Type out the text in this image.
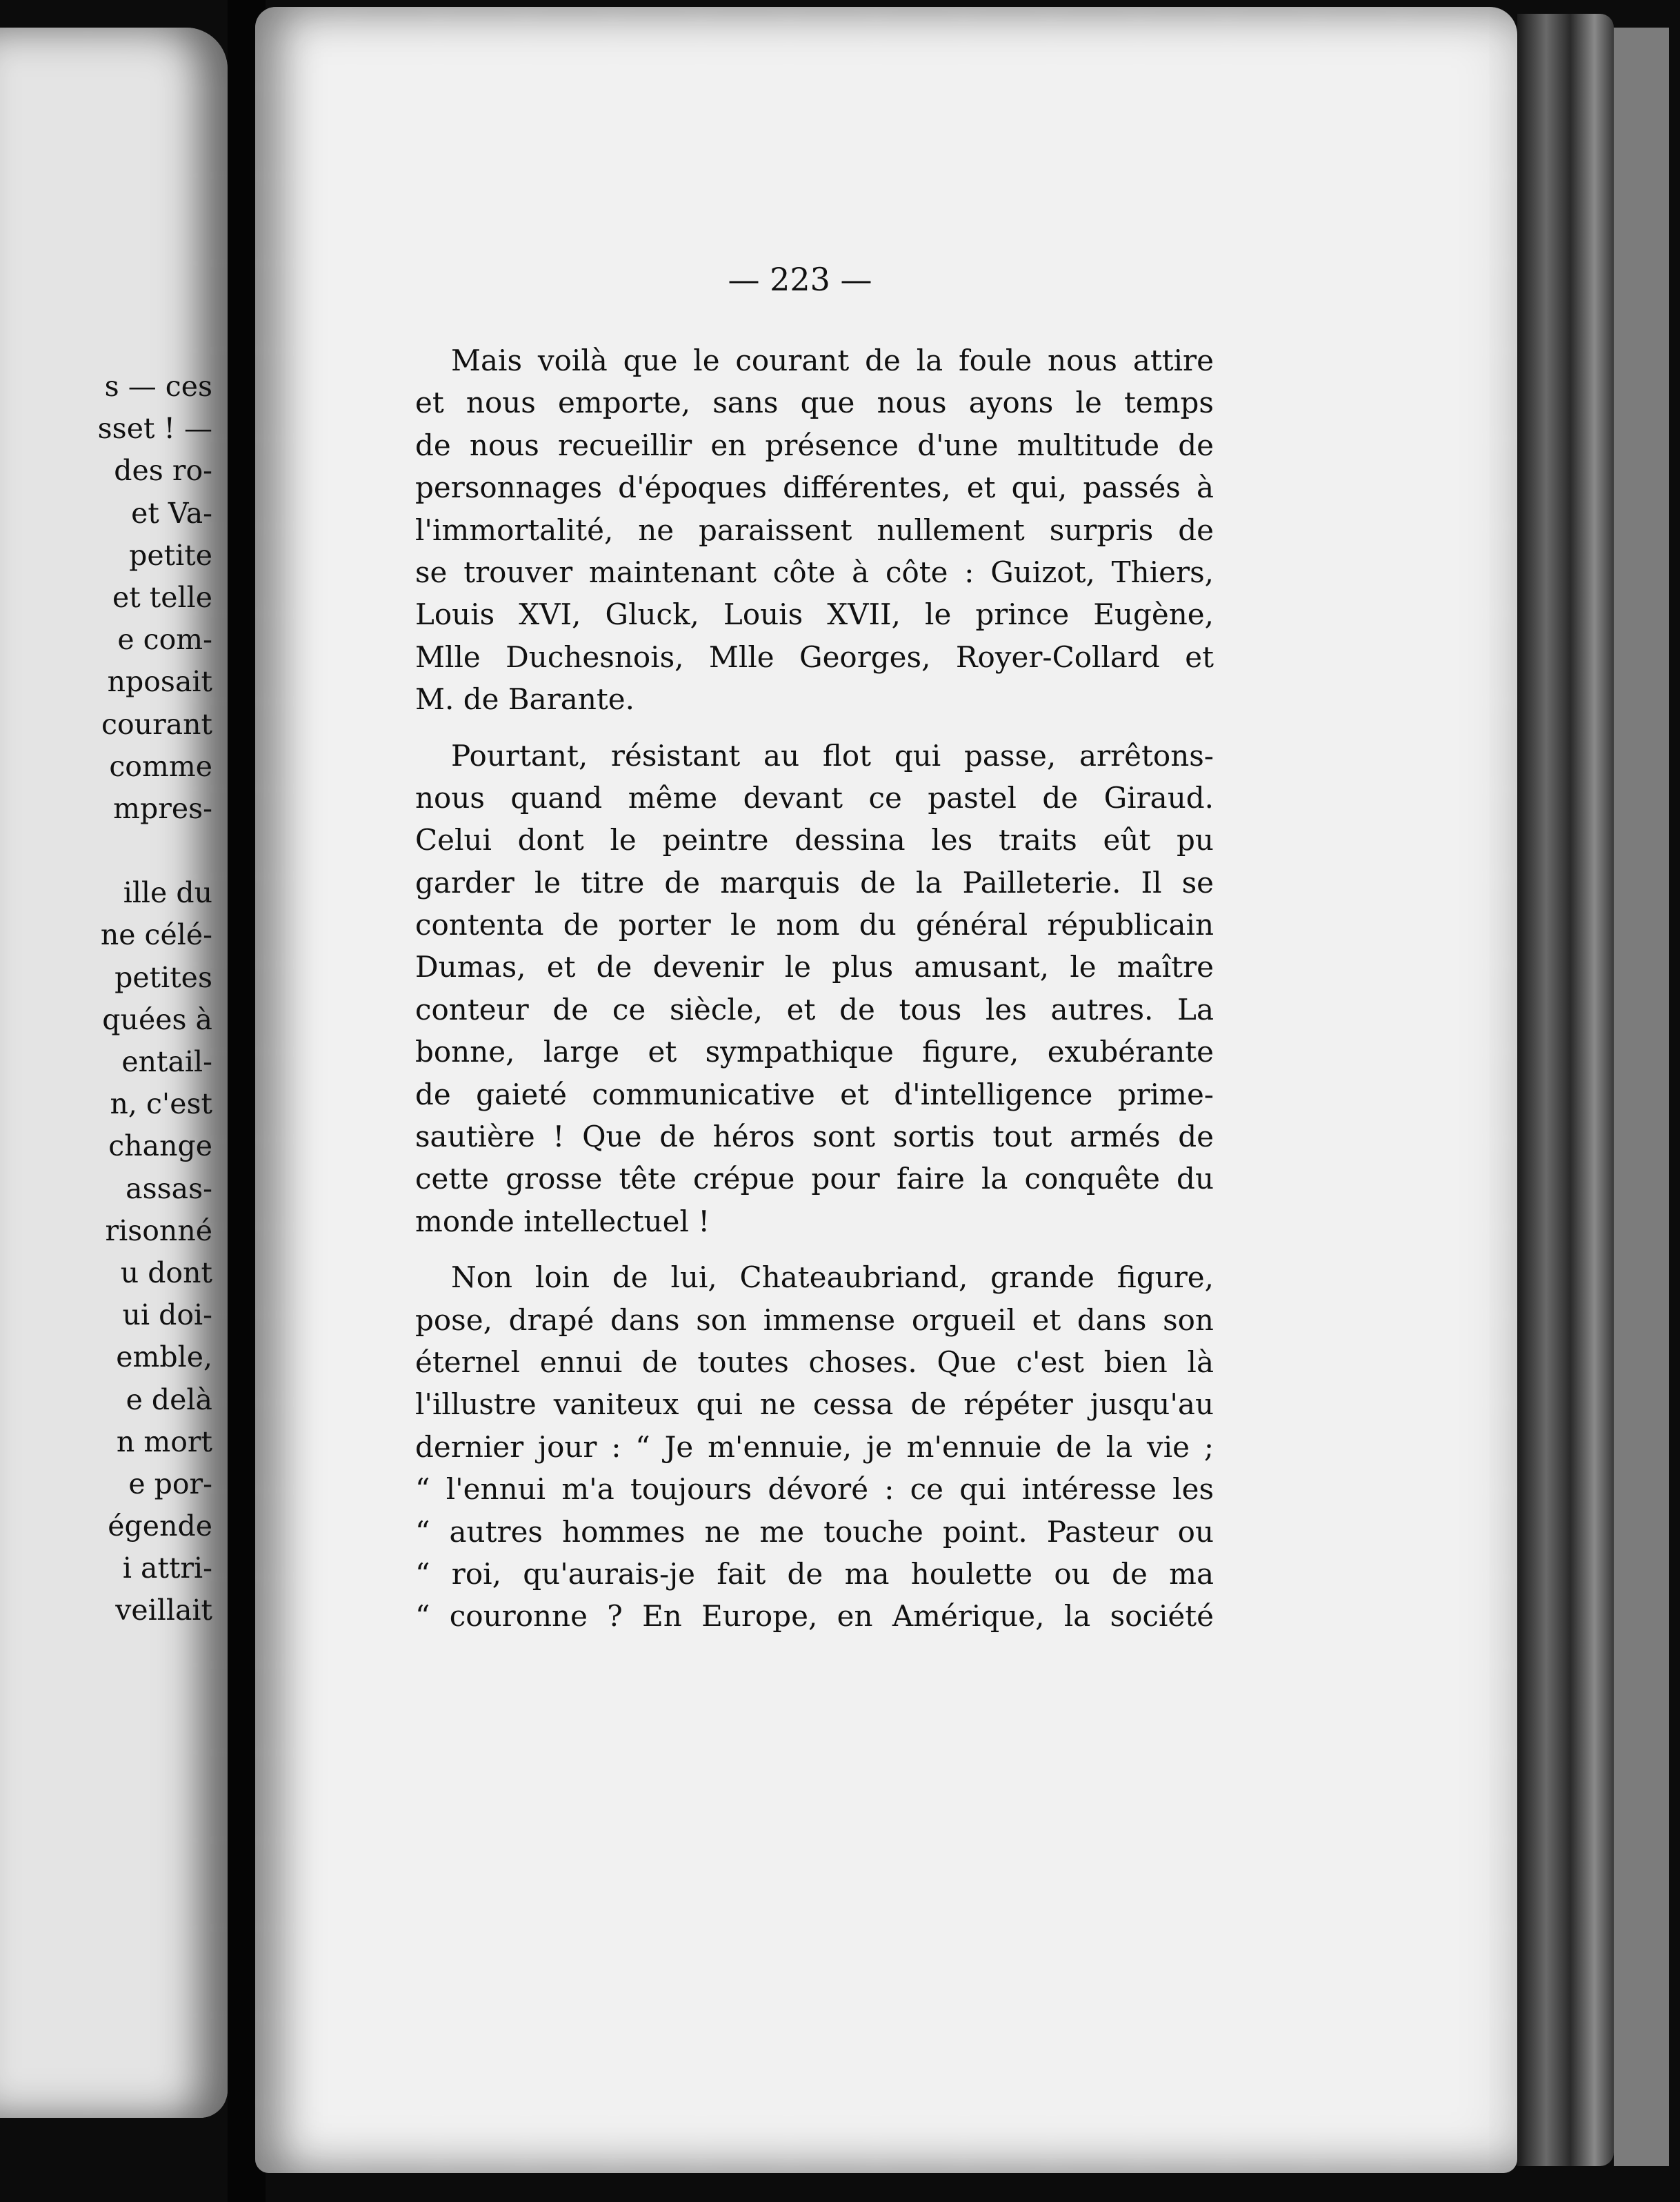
s — ces
sset ! —
des ro-
et Va-
petite
et telle
e com-
nposait
courant
comme
mpres-
ille du
ne célé-
petites
quées à
entail-
n, c'est
change
assas-
risonné
u dont
ui doi-
emble,
e delà
n mort
e por-
égende
i attri-
veillait
— 223 —
Mais voilà que le courant de la foule nous attire
et nous emporte, sans que nous ayons le temps
de nous recueillir en présence d'une multitude de
personnages d'époques différentes, et qui, passés à
l'immortalité, ne paraissent nullement surpris de
se trouver maintenant côte à côte : Guizot, Thiers,
Louis XVI, Gluck, Louis XVII, le prince Eugène,
Mlle Duchesnois, Mlle Georges, Royer-Collard et
M. de Barante.
Pourtant, résistant au flot qui passe, arrêtons-
nous quand même devant ce pastel de Giraud.
Celui dont le peintre dessina les traits eût pu
garder le titre de marquis de la Pailleterie. Il se
contenta de porter le nom du général républicain
Dumas, et de devenir le plus amusant, le maître
conteur de ce siècle, et de tous les autres. La
bonne, large et sympathique figure, exubérante
de gaieté communicative et d'intelligence prime-
sautière ! Que de héros sont sortis tout armés de
cette grosse tête crépue pour faire la conquête du
monde intellectuel !
Non loin de lui, Chateaubriand, grande figure,
pose, drapé dans son immense orgueil et dans son
éternel ennui de toutes choses. Que c'est bien là
l'illustre vaniteux qui ne cessa de répéter jusqu'au
dernier jour : “ Je m'ennuie, je m'ennuie de la vie ;
“ l'ennui m'a toujours dévoré : ce qui intéresse les
“ autres hommes ne me touche point. Pasteur ou
“ roi, qu'aurais-je fait de ma houlette ou de ma
“ couronne ? En Europe, en Amérique, la société
